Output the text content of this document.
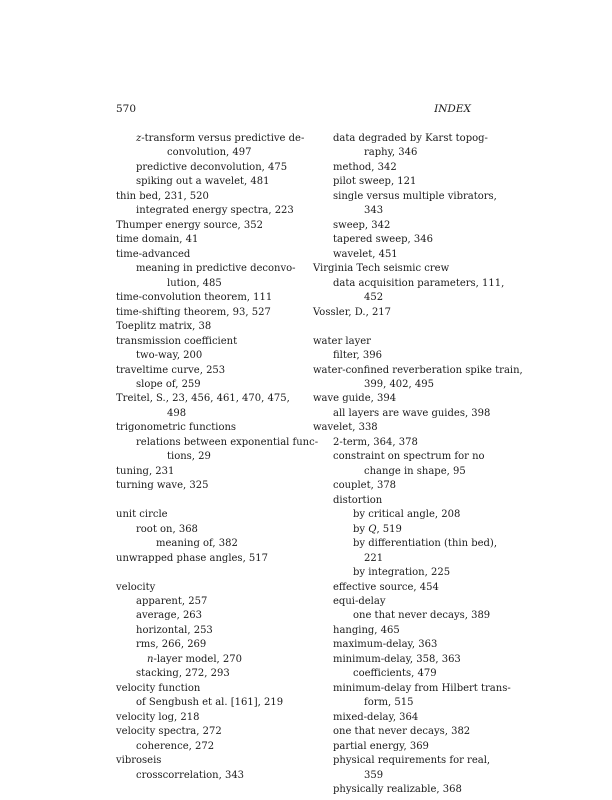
570	INDEX
z-transform versus predictive de-
convolution, 497
predictive deconvolution, 475
spiking out a wavelet, 481
thin bed, 231, 520
integrated energy spectra, 223
Thumper energy source, 352
time domain, 41
time-advanced
meaning in predictive deconvo-
lution, 485
time-convolution theorem, 111
time-shifting theorem, 93, 527
Toeplitz matrix, 38
transmission coefficient
two-way, 200
traveltime curve, 253
slope of, 259
Treitel, S., 23, 456, 461, 470, 475,
498
trigonometric functions
relations between exponential func-
tions, 29
tuning, 231
turning wave, 325
unit circle
root on, 368
meaning of, 382
unwrapped phase angles, 517
velocity
apparent, 257
average, 263
horizontal, 253
rms, 266, 269
n-layer model, 270
stacking, 272, 293
velocity function
of Sengbush et al. [161], 219
velocity log, 218
velocity spectra, 272
coherence, 272
vibroseis
crosscorrelation, 343
data degraded by Karst topog-
raphy, 346
method, 342
pilot sweep, 121
single versus multiple vibrators,
343
sweep, 342
tapered sweep, 346
wavelet, 451
Virginia Tech seismic crew
data acquisition parameters, 111,
452
Vossler, D., 217
water layer
filter, 396
water-confined reverberation spike train,
399, 402, 495
wave guide, 394
all layers are wave guides, 398
wavelet, 338
2-term, 364, 378
constraint on spectrum for no
change in shape, 95
couplet, 378
distortion
by critical angle, 208
by Q, 519
by differentiation (thin bed),
221
by integration, 225
effective source, 454
equi-delay
one that never decays, 389
hanging, 465
maximum-delay, 363
minimum-delay, 358, 363
coefficients, 479
minimum-delay from Hilbert trans-
form, 515
mixed-delay, 364
one that never decays, 382
partial energy, 369
physical requirements for real,
359
physically realizable, 368
